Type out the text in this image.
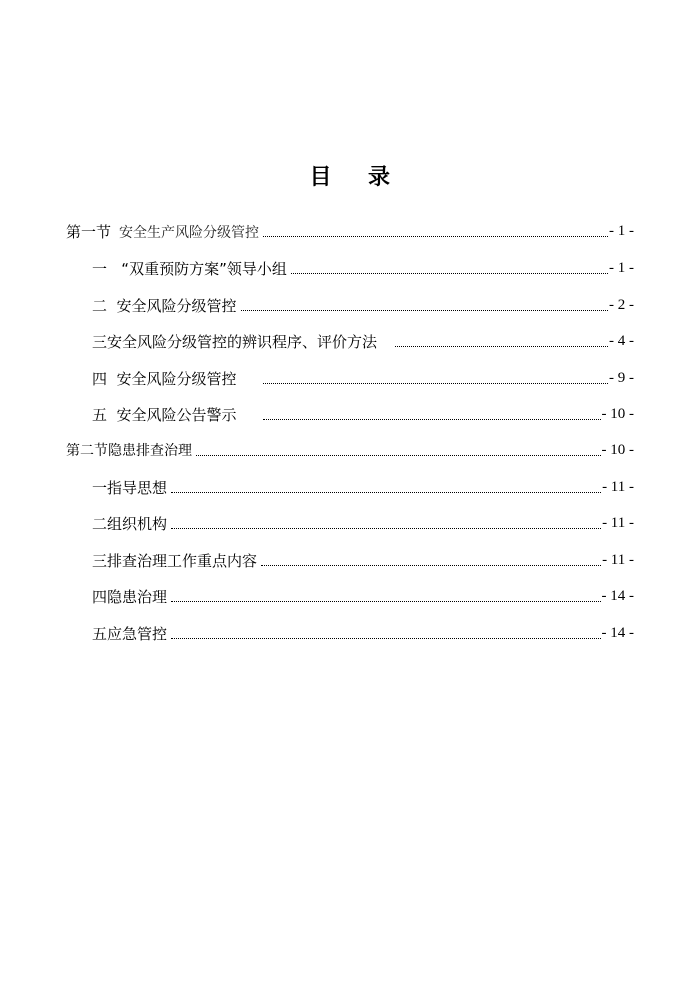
目 录
第一节 安全生产风险分级管控	- 1 -
一   “双重预防方案”领导小组	- 1 -
二  安全风险分级管控	- 2 -
三安全风险分级管控的辨识程序、评价方法	- 4 -
四  安全风险分级管控	- 9 -
五  安全风险公告警示	- 10 -
第二节隐患排查治理	- 10 -
一指导思想	- 11 -
二组织机构	- 11 -
三排查治理工作重点内容	- 11 -
四隐患治理	- 14 -
五应急管控	- 14 -
